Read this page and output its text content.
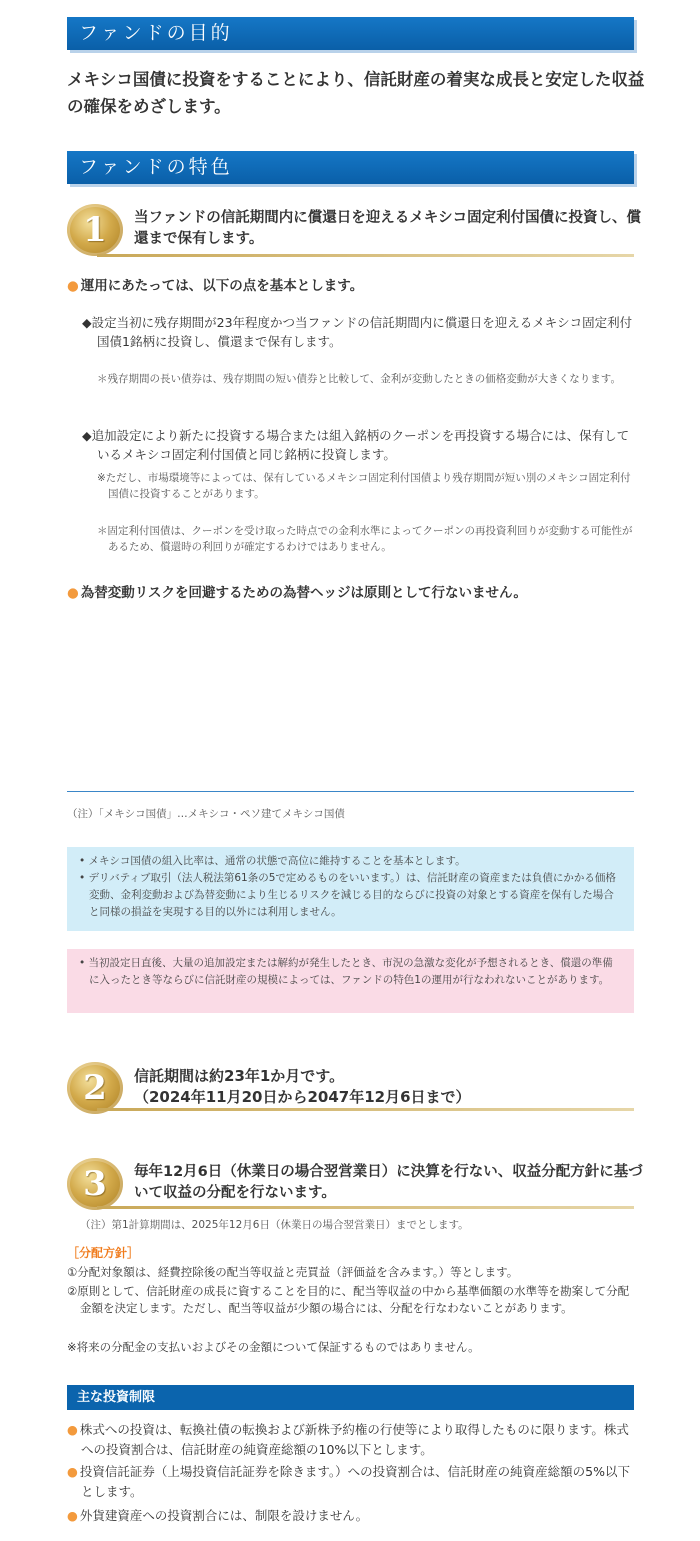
ファンドの目的
メキシコ国債に投資をすることにより、信託財産の着実な成長と安定した収益の確保をめざします。
ファンドの特色
1	当ファンドの信託期間内に償還日を迎えるメキシコ固定利付国債に投資し、償還まで保有します。
● 運用にあたっては、以下の点を基本とします。
◆設定当初に残存期間が23年程度かつ当ファンドの信託期間内に償還日を迎えるメキシコ固定利付国債1銘柄に投資し、償還まで保有します。
＊残存期間の長い債券は、残存期間の短い債券と比較して、金利が変動したときの価格変動が大きくなります。
◆追加設定により新たに投資する場合または組入銘柄のクーポンを再投資する場合には、保有しているメキシコ固定利付国債と同じ銘柄に投資します。
※ただし、市場環境等によっては、保有しているメキシコ固定利付国債より残存期間が短い別のメキシコ固定利付国債に投資することがあります。
＊固定利付国債は、クーポンを受け取った時点での金利水準によってクーポンの再投資利回りが変動する可能性があるため、償還時の利回りが確定するわけではありません。
● 為替変動リスクを回避するための為替ヘッジは原則として行ないません。
（注）「メキシコ国債」…メキシコ・ペソ建てメキシコ国債
• メキシコ国債の組入比率は、通常の状態で高位に維持することを基本とします。
• デリバティブ取引（法人税法第61条の5で定めるものをいいます。）は、信託財産の資産または負債にかかる価格変動、金利変動および為替変動により生じるリスクを減じる目的ならびに投資の対象とする資産を保有した場合と同様の損益を実現する目的以外には利用しません。
• 当初設定日直後、大量の追加設定または解約が発生したとき、市況の急激な変化が予想されるとき、償還の準備に入ったとき等ならびに信託財産の規模によっては、ファンドの特色1の運用が行なわれないことがあります。
2	信託期間は約23年1か月です。
（2024年11月20日から2047年12月6日まで）
3	毎年12月6日（休業日の場合翌営業日）に決算を行ない、収益分配方針に基づいて収益の分配を行ないます。
（注）第1計算期間は、2025年12月6日（休業日の場合翌営業日）までとします。
［分配方針］
①分配対象額は、経費控除後の配当等収益と売買益（評価益を含みます。）等とします。
②原則として、信託財産の成長に資することを目的に、配当等収益の中から基準価額の水準等を勘案して分配金額を決定します。ただし、配当等収益が少額の場合には、分配を行なわないことがあります。
※将来の分配金の支払いおよびその金額について保証するものではありません。
主な投資制限
● 株式への投資は、転換社債の転換および新株予約権の行使等により取得したものに限ります。株式への投資割合は、信託財産の純資産総額の10%以下とします。
● 投資信託証券（上場投資信託証券を除きます。）への投資割合は、信託財産の純資産総額の5%以下とします。
● 外貨建資産への投資割合には、制限を設けません。
